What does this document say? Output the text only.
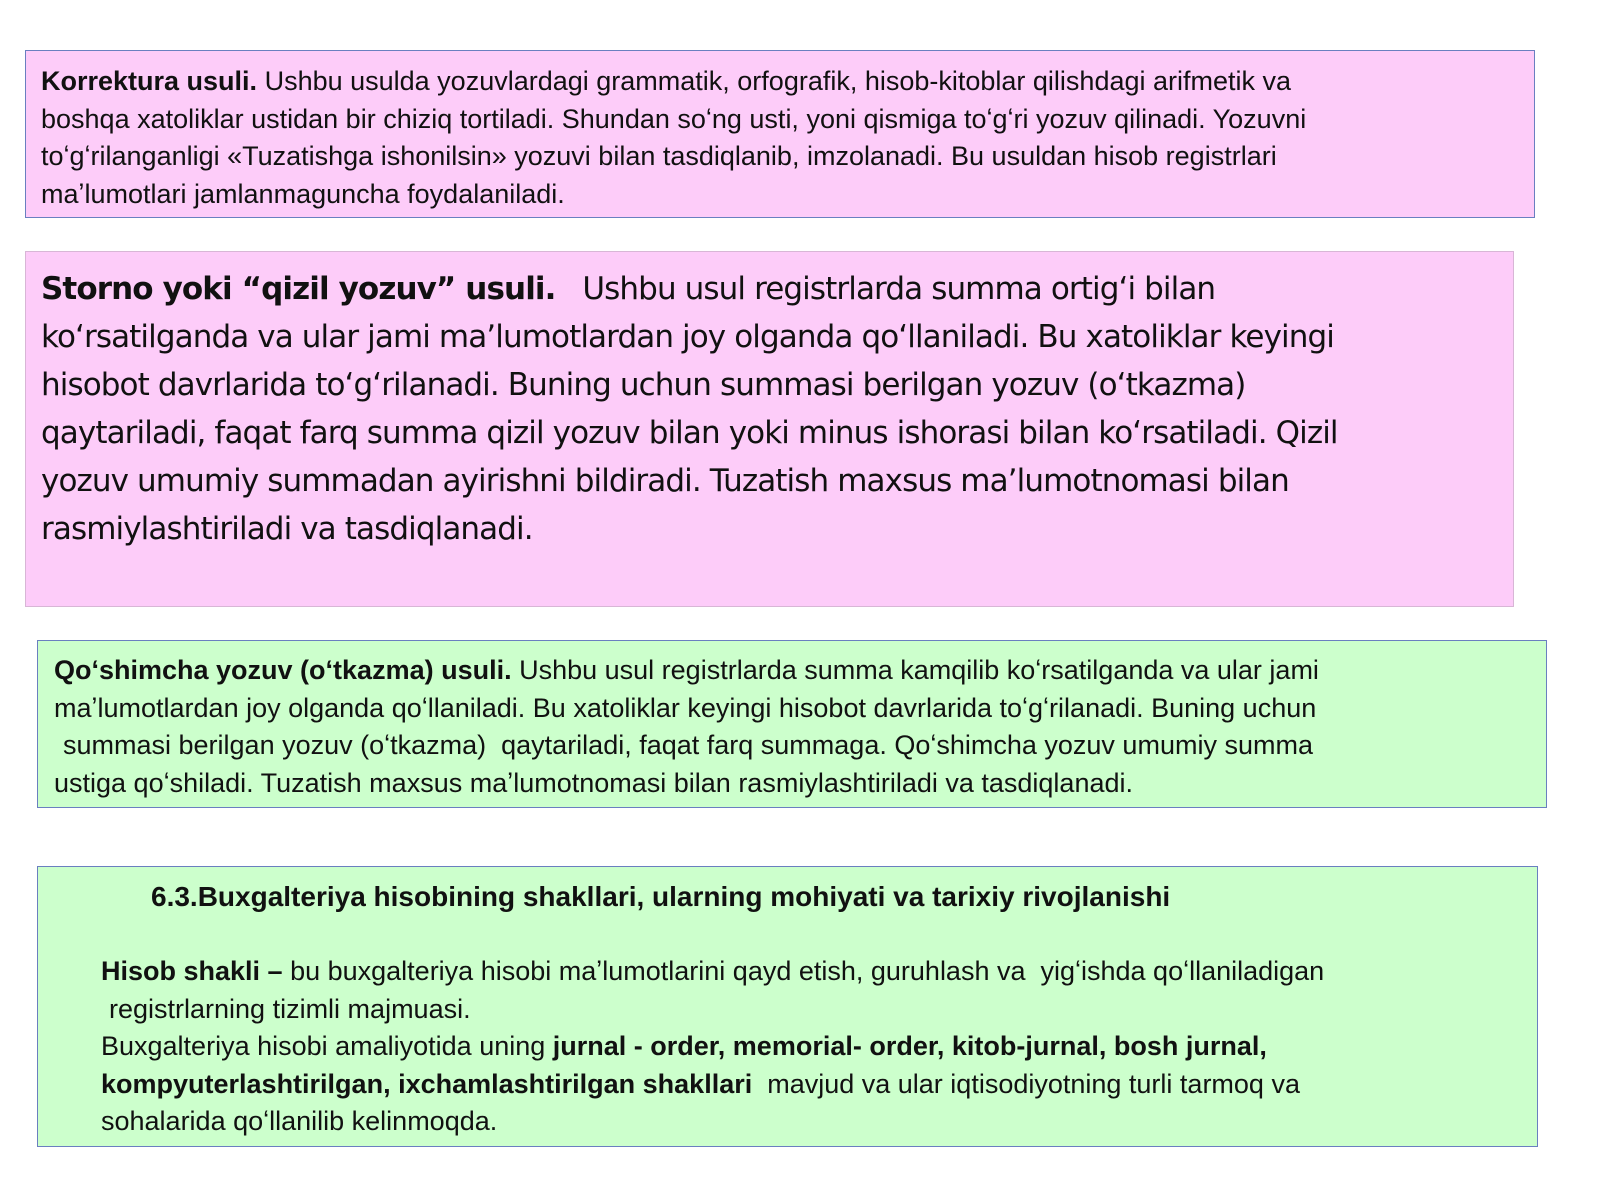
Korrektura usuli. Ushbu usulda yozuvlardagi grammatik, orfografik, hisob-kitoblar qilishdagi arifmetik va
boshqa xatoliklar ustidan bir chiziq tortiladi. Shundan soʻng usti, yoni qismiga toʻgʻri yozuv qilinadi. Yozuvni
toʻgʻrilanganligi «Tuzatishga ishonilsin» yozuvi bilan tasdiqlanib, imzolanadi. Bu usuldan hisob registrlari
maʼlumotlari jamlanmaguncha foydalaniladi.
Storno yoki “qizil yozuv” usuli.   Ushbu usul registrlarda summa ortigʻi bilan
koʻrsatilganda va ular jami maʼlumotlardan joy olganda qoʻllaniladi. Bu xatoliklar keyingi
hisobot davrlarida toʻgʻrilanadi. Buning uchun summasi berilgan yozuv (oʻtkazma)
qaytariladi, faqat farq summa qizil yozuv bilan yoki minus ishorasi bilan koʻrsatiladi. Qizil
yozuv umumiy summadan ayirishni bildiradi. Tuzatish maxsus maʼlumotnomasi bilan
rasmiylashtiriladi va tasdiqlanadi.
Qoʻshimcha yozuv (oʻtkazma) usuli. Ushbu usul registrlarda summa kamqilib koʻrsatilganda va ular jami
maʼlumotlardan joy olganda qoʻllaniladi. Bu xatoliklar keyingi hisobot davrlarida toʻgʻrilanadi. Buning uchun
summasi berilgan yozuv (oʻtkazma)  qaytariladi, faqat farq summaga. Qoʻshimcha yozuv umumiy summa
ustiga qoʻshiladi. Tuzatish maxsus maʼlumotnomasi bilan rasmiylashtiriladi va tasdiqlanadi.
6.3.Buxgalteriya hisobining shakllari, ularning mohiyati va tarixiy rivojlanishi
Hisob shakli – bu buxgalteriya hisobi maʼlumotlarini qayd etish, guruhlash va  yigʻishda qoʻllaniladigan
registrlarning tizimli majmuasi.
Buxgalteriya hisobi amaliyotida uning jurnal - order, memorial- order, kitob-jurnal, bosh jurnal,
kompyuterlashtirilgan, ixchamlashtirilgan shakllari  mavjud va ular iqtisodiyotning turli tarmoq va
sohalarida qoʻllanilib kelinmoqda.
